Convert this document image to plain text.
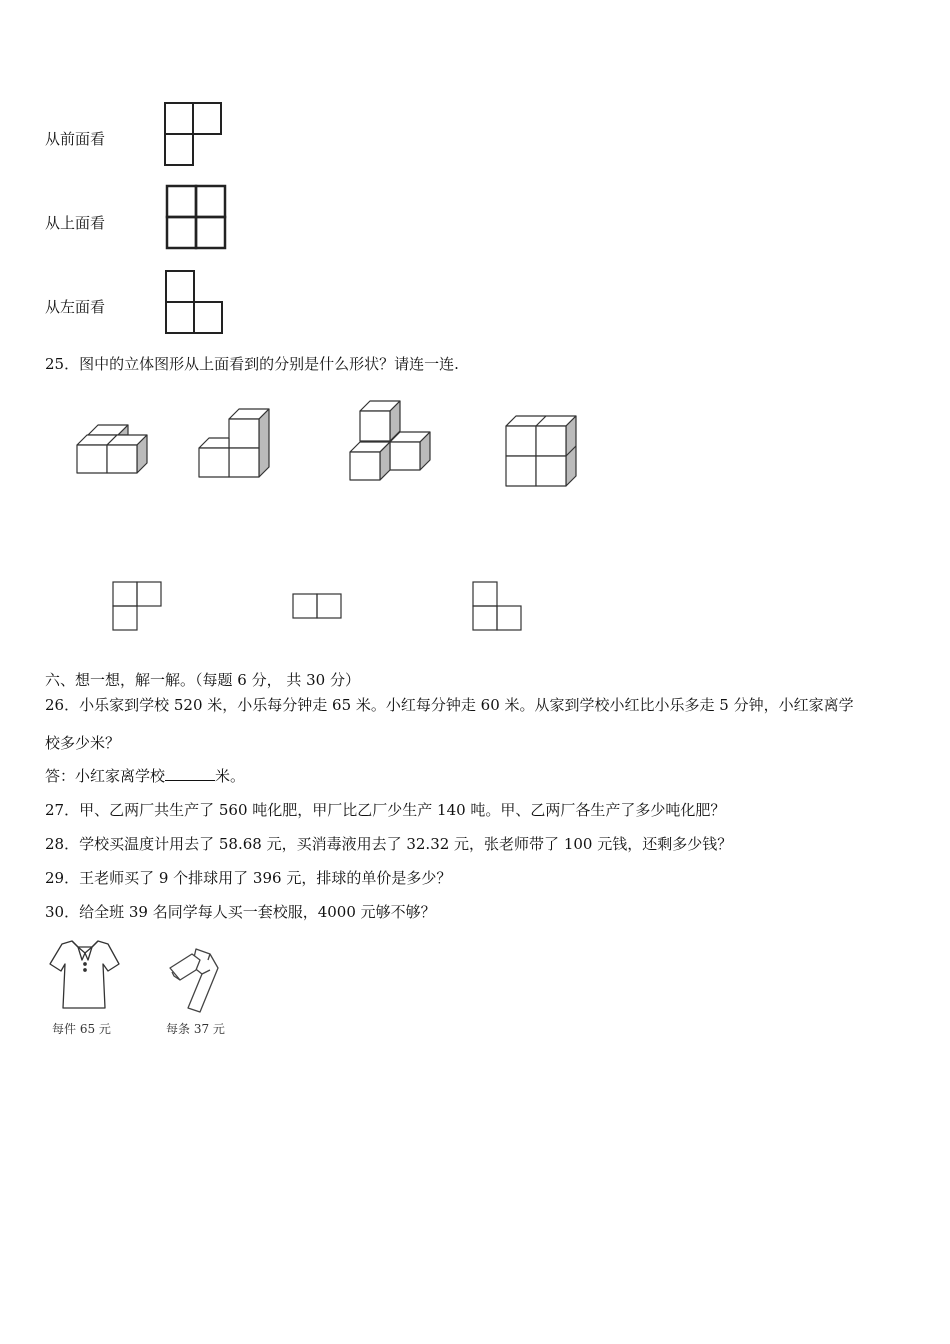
从前面看
从上面看
从左面看
25．图中的立体图形从上面看到的分别是什么形状？请连一连.
六、想一想，解一解。（每题 6 分， 共 30 分）
26．小乐家到学校 520 米，小乐每分钟走 65 米。小红每分钟走 60 米。从家到学校小红比小乐多走 5 分钟，小红家离学
校多少米？
答：小红家离学校	米。
27．甲、乙两厂共生产了 560 吨化肥，甲厂比乙厂少生产 140 吨。甲、乙两厂各生产了多少吨化肥？
28．学校买温度计用去了 58.68 元，买消毒液用去了 32.32 元，张老师带了 100 元钱，还剩多少钱？
29．王老师买了 9 个排球用了 396 元，排球的单价是多少？
30．给全班 39 名同学每人买一套校服，4000 元够不够？
每件 65 元	每条 37 元
